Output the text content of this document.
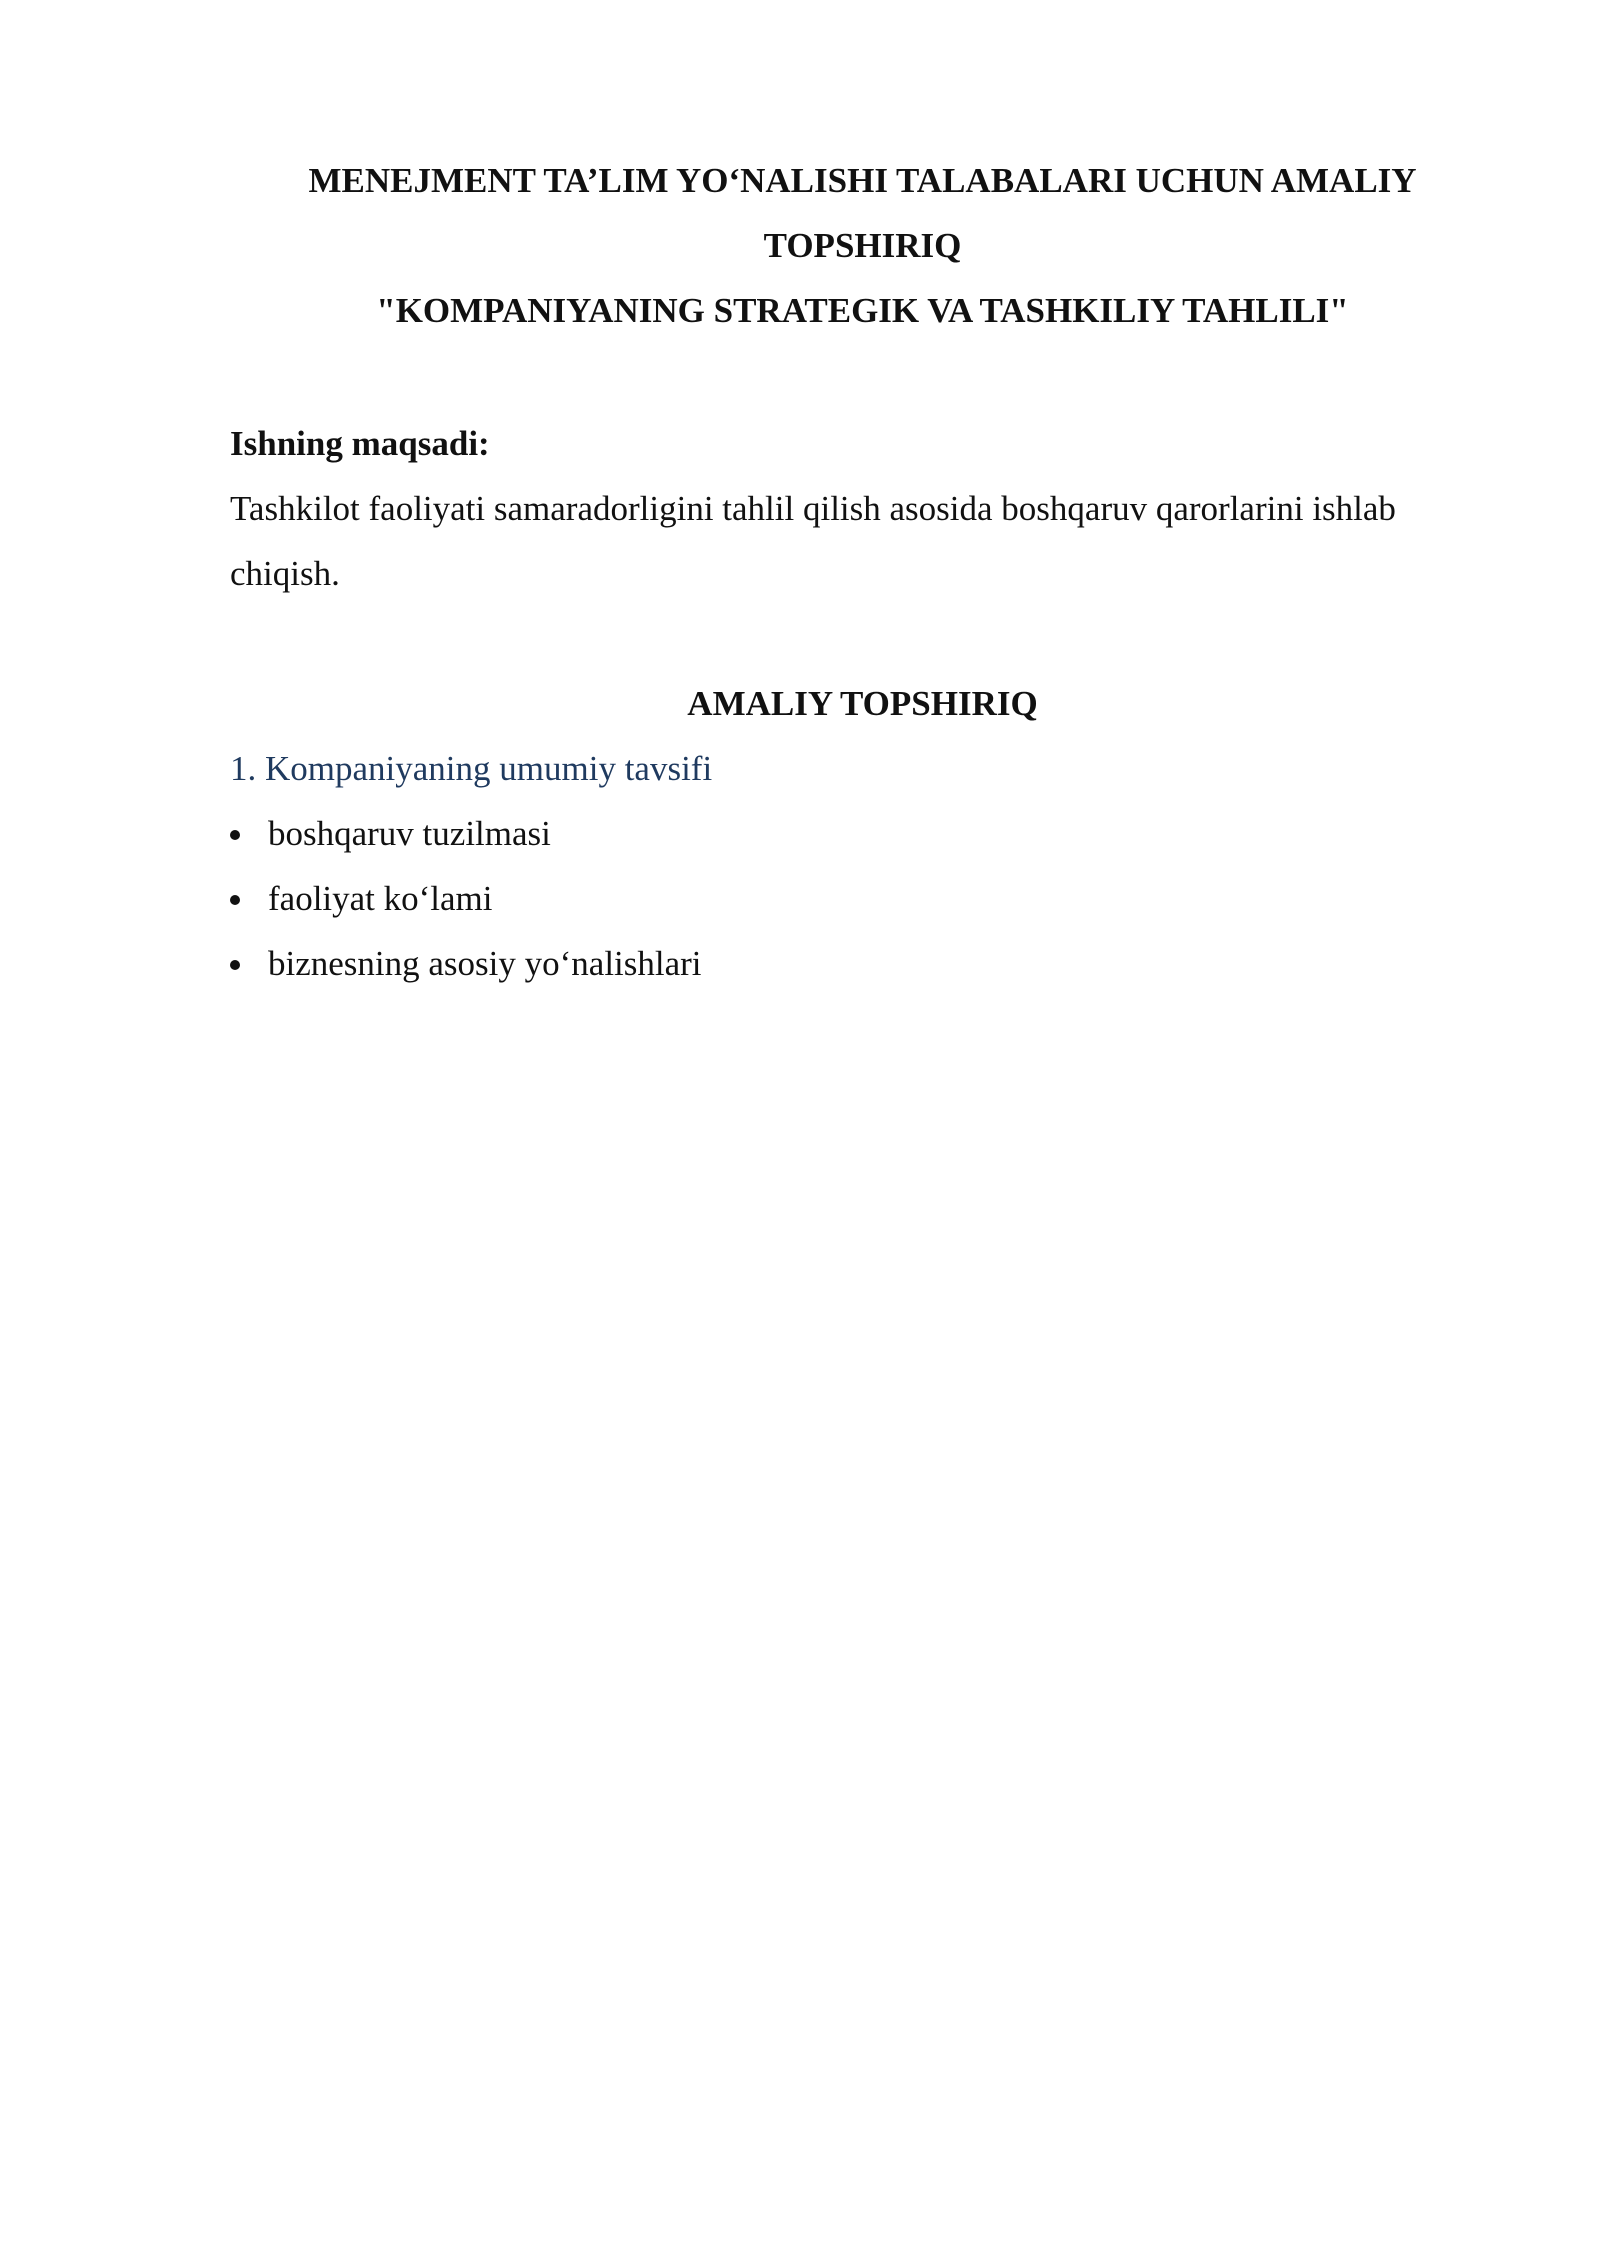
MENEJMENT TA’LIM YO‘NALISHI TALABALARI UCHUN AMALIY
TOPSHIRIQ
"KOMPANIYANING STRATEGIK VA TASHKILIY TAHLILI"
Ishning maqsadi:

Tashkilot faoliyati samaradorligini tahlil qilish asosida boshqaruv qarorlarini ishlab chiqish.

AMALIY TOPSHIRIQ

1. Kompaniyaning umumiy tavsifi

boshqaruv tuzilmasi
faoliyat ko‘lami
biznesning asosiy yo‘nalishlari
